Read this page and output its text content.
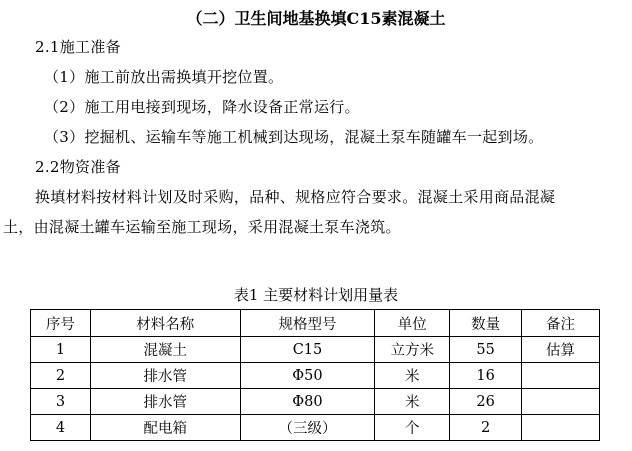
（二）卫生间地基换填C15素混凝土
2.1施工准备
（1）施工前放出需换填开挖位置。
（2）施工用电接到现场，降水设备正常运行。
（3）挖掘机、运输车等施工机械到达现场，混凝土泵车随罐车一起到场。
2.2物资准备
换填材料按材料计划及时采购，品种、规格应符合要求。混凝土采用商品混凝
土，由混凝土罐车运输至施工现场，采用混凝土泵车浇筑。
表1 主要材料计划用量表
序号	材料名称	规格型号	单位	数量	备注
1	混凝土	C15	立方米	55	估算
2	排水管	Φ50	米	16	
3	排水管	Φ80	米	26	
4	配电箱	（三级）	个	2	
